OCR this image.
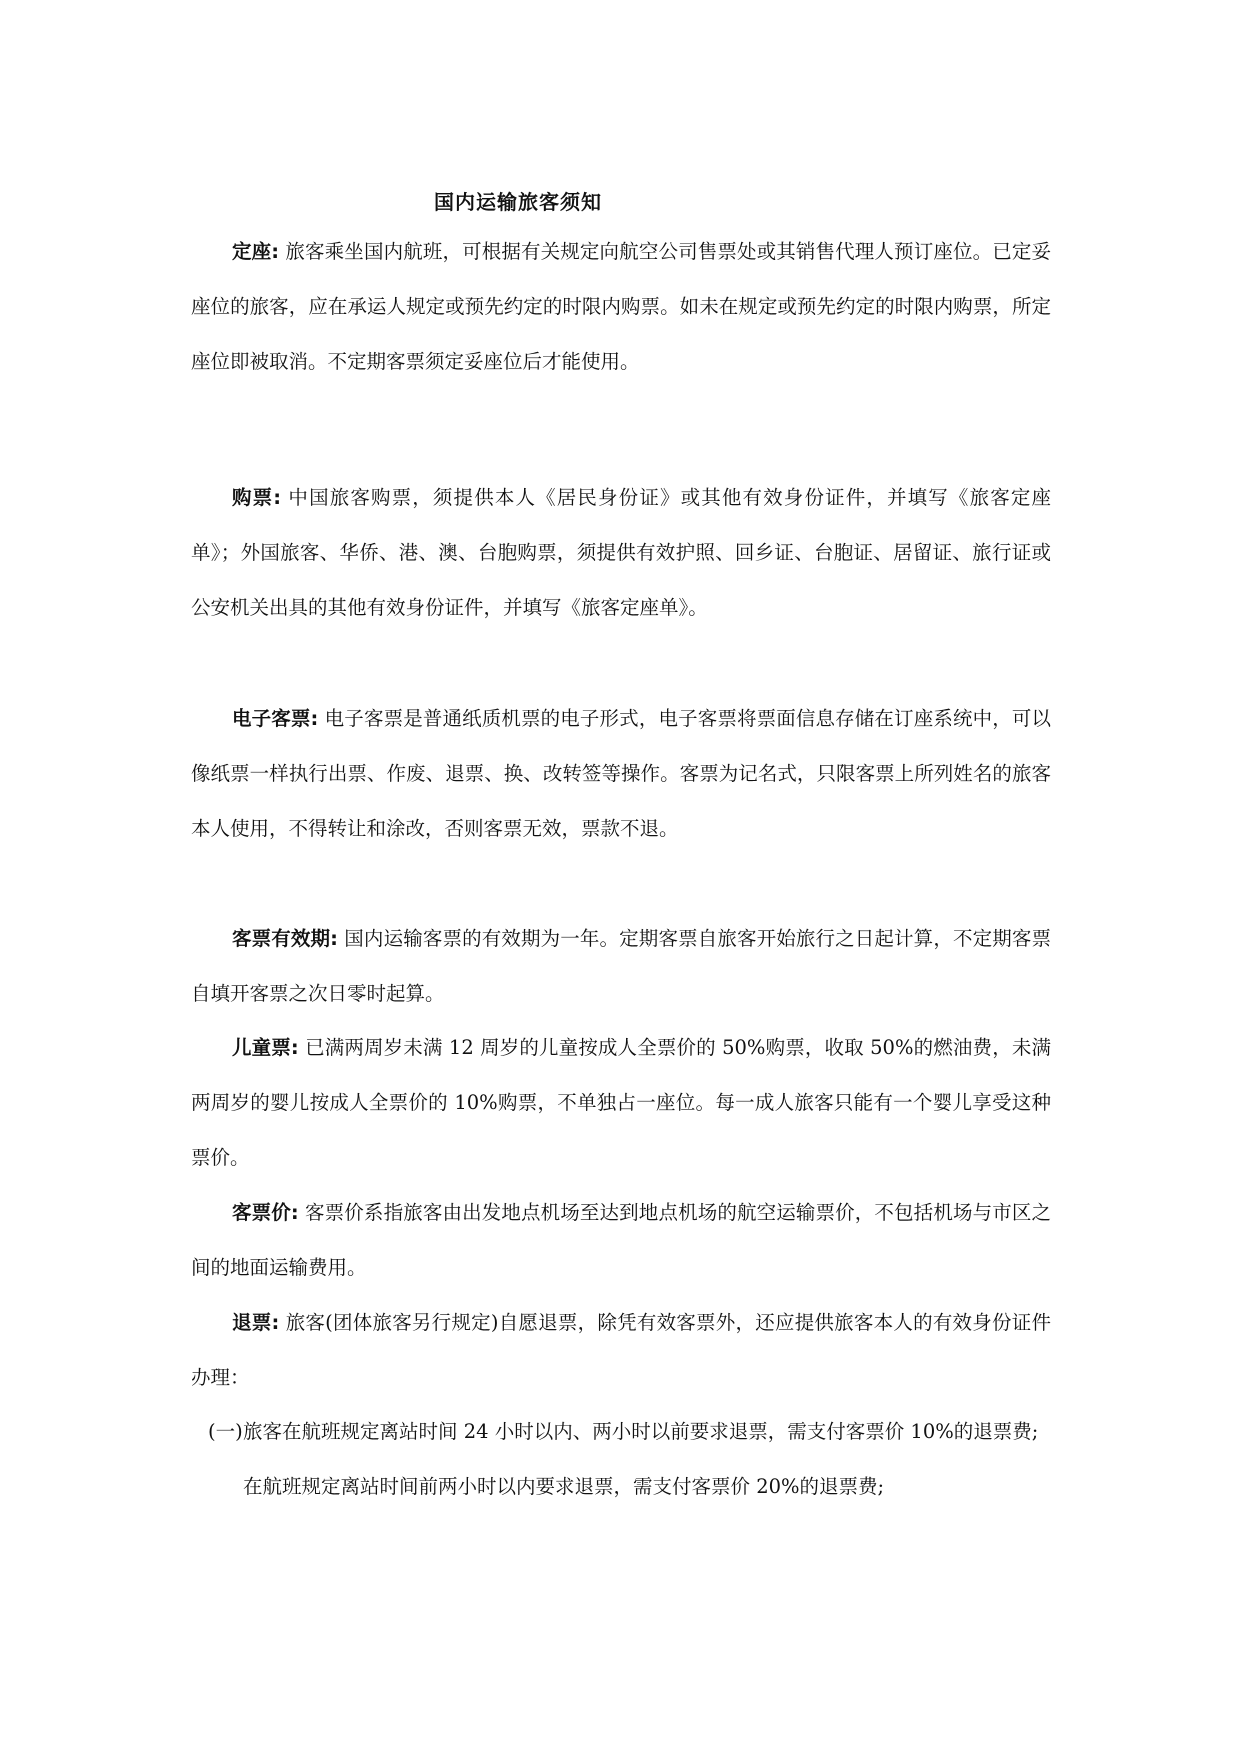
国内运输旅客须知
定座: 旅客乘坐国内航班，可根据有关规定向航空公司售票处或其销售代理人预订座位。已定妥座位的旅客，应在承运人规定或预先约定的时限内购票。如未在规定或预先约定的时限内购票，所定座位即被取消。不定期客票须定妥座位后才能使用。
购票: 中国旅客购票，须提供本人《居民身份证》或其他有效身份证件，并填写《旅客定座单》；外国旅客、华侨、港、澳、台胞购票，须提供有效护照、回乡证、台胞证、居留证、旅行证或公安机关出具的其他有效身份证件，并填写《旅客定座单》。
电子客票: 电子客票是普通纸质机票的电子形式，电子客票将票面信息存储在订座系统中，可以像纸票一样执行出票、作废、退票、换、改转签等操作。客票为记名式，只限客票上所列姓名的旅客本人使用，不得转让和涂改，否则客票无效，票款不退。
客票有效期: 国内运输客票的有效期为一年。定期客票自旅客开始旅行之日起计算，不定期客票自填开客票之次日零时起算。
儿童票: 已满两周岁未满 12 周岁的儿童按成人全票价的 50%购票，收取 50%的燃油费，未满两周岁的婴儿按成人全票价的 10%购票，不单独占一座位。每一成人旅客只能有一个婴儿享受这种票价。
客票价: 客票价系指旅客由出发地点机场至达到地点机场的航空运输票价，不包括机场与市区之间的地面运输费用。
退票: 旅客(团体旅客另行规定)自愿退票，除凭有效客票外，还应提供旅客本人的有效身份证件办理：
(一) 旅客在航班规定离站时间 24 小时以内、两小时以前要求退票，需支付客票价 10%的退票费; 在航班规定离站时间前两小时以内要求退票，需支付客票价 20%的退票费;
